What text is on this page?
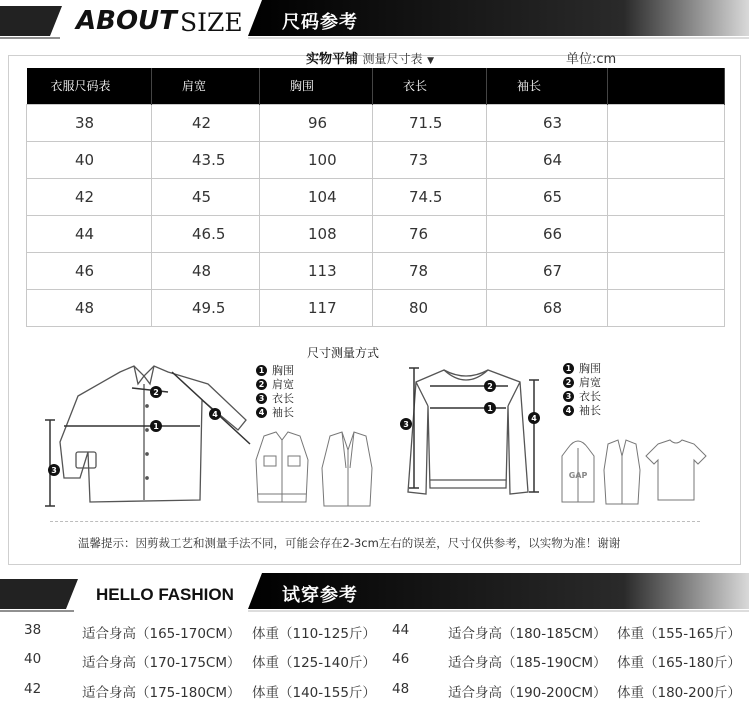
ABOUT SIZE 尺码参考
实物平铺 测量尺寸表 ▼	单位:cm
衣服尺码表	肩宽	胸围	衣长	袖长	
38	42	96	71.5	63	
40	43.5	100	73	64	
42	45	104	74.5	65	
44	46.5	108	76	66	
46	48	113	78	67	
48	49.5	117	80	68	
尺寸测量方式
1
2
3
4
1 胸围
2 肩宽
3 衣长
4 袖长	1
2
3
4
1 胸围
2 肩宽
3 衣长
4 袖长
GAP
温馨提示：因剪裁工艺和测量手法不同，可能会存在2-3cm左右的误差，尺寸仅供参考，以实物为准！谢谢
HELLO FASHION	试穿参考
38	适合身高（165-170CM） 体重（110-125斤） 44	适合身高（180-185CM） 体重（155-165斤）
40	适合身高（170-175CM） 体重（125-140斤） 46	适合身高（185-190CM） 体重（165-180斤）
42	适合身高（175-180CM） 体重（140-155斤） 48	适合身高（190-200CM） 体重（180-200斤）
